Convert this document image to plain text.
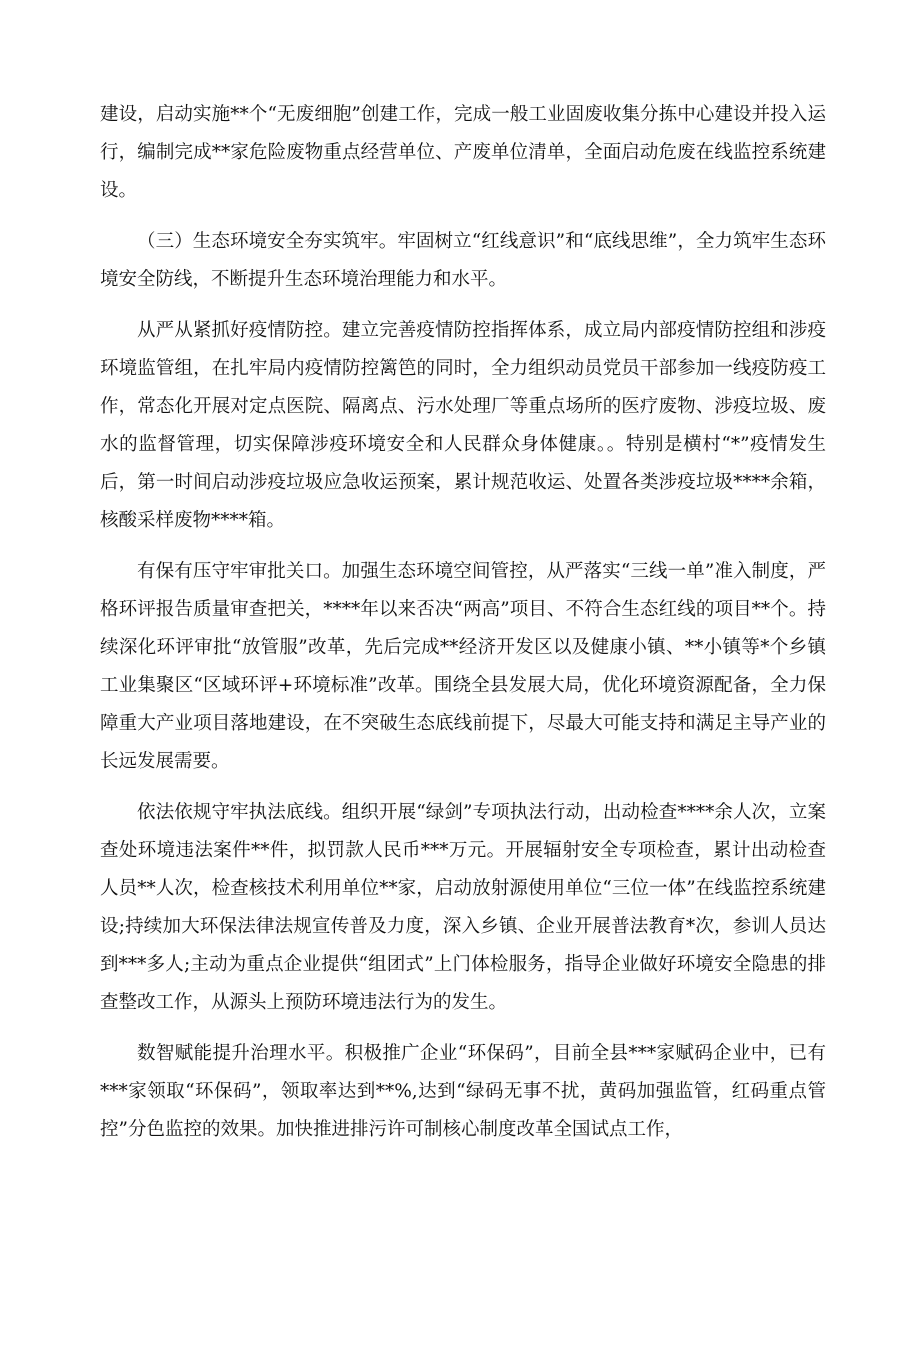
建设，启动实施**个“无废细胞”创建工作，完成一般工业固废收集分拣中心建设并投入运行，编制完成**家危险废物重点经营单位、产废单位清单，全面启动危废在线监控系统建设。

（三）生态环境安全夯实筑牢。牢固树立“红线意识”和“底线思维”，全力筑牢生态环境安全防线，不断提升生态环境治理能力和水平。

从严从紧抓好疫情防控。建立完善疫情防控指挥体系，成立局内部疫情防控组和涉疫环境监管组，在扎牢局内疫情防控篱笆的同时，全力组织动员党员干部参加一线疫防疫工作，常态化开展对定点医院、隔离点、污水处理厂等重点场所的医疗废物、涉疫垃圾、废水的监督管理，切实保障涉疫环境安全和人民群众身体健康。。特别是横村“*”疫情发生后，第一时间启动涉疫垃圾应急收运预案，累计规范收运、处置各类涉疫垃圾****余箱，核酸采样废物****箱。

有保有压守牢审批关口。加强生态环境空间管控，从严落实“三线一单”准入制度，严格环评报告质量审查把关，****年以来否决“两高”项目、不符合生态红线的项目**个。持续深化环评审批“放管服”改革，先后完成**经济开发区以及健康小镇、**小镇等*个乡镇工业集聚区“区域环评+环境标准”改革。围绕全县发展大局，优化环境资源配备，全力保障重大产业项目落地建设，在不突破生态底线前提下，尽最大可能支持和满足主导产业的长远发展需要。

依法依规守牢执法底线。组织开展“绿剑”专项执法行动，出动检查****余人次，立案查处环境违法案件**件，拟罚款人民币***万元。开展辐射安全专项检查，累计出动检查人员**人次，检查核技术利用单位**家，启动放射源使用单位“三位一体”在线监控系统建设;持续加大环保法律法规宣传普及力度，深入乡镇、企业开展普法教育*次，参训人员达到***多人;主动为重点企业提供“组团式”上门体检服务，指导企业做好环境安全隐患的排查整改工作，从源头上预防环境违法行为的发生。

数智赋能提升治理水平。积极推广企业“环保码”，目前全县***家赋码企业中，已有***家领取“环保码”，领取率达到**%,达到“绿码无事不扰，黄码加强监管，红码重点管控”分色监控的效果。加快推进排污许可制核心制度改革全国试点工作，
